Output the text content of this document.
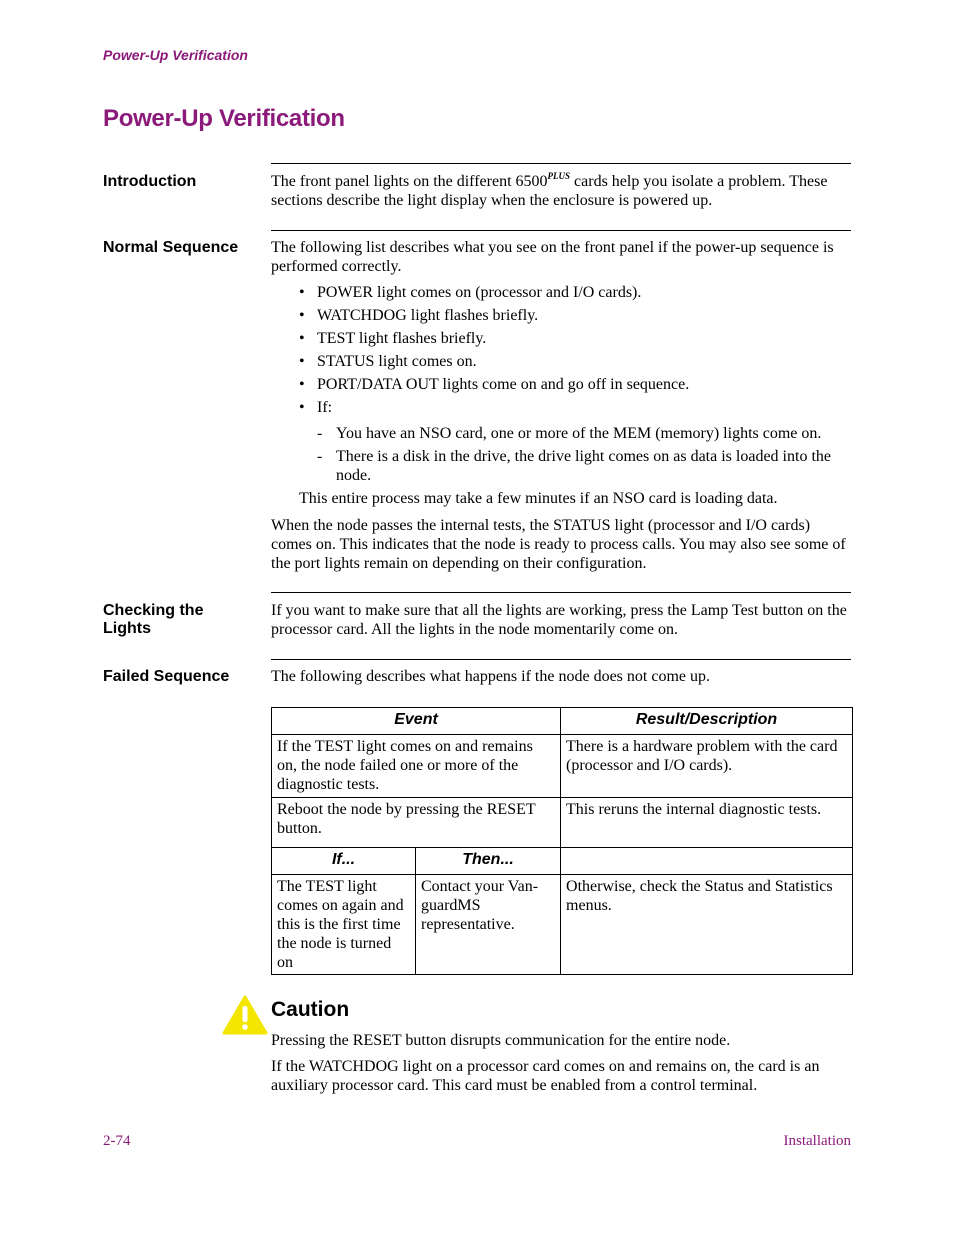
Power-Up Verification
Power-Up Verification
Introduction	The front panel lights on the different $6500^{PLUS}$ cards help you isolate a problem. These sections describe the light display when the enclosure is powered up.

Normal Sequence	The following list describes what you see on the front panel if the power-up sequence is performed correctly.

• POWER light comes on (processor and I/O cards).
• WATCHDOG light flashes briefly.
• TEST light flashes briefly.
• STATUS light comes on.
• PORT/DATA OUT lights come on and go off in sequence.
• If:
- You have an NSO card, one or more of the MEM (memory) lights come on.
- There is a disk in the drive, the drive light comes on as data is loaded into the node.

This entire process may take a few minutes if an NSO card is loading data.

When the node passes the internal tests, the STATUS light (processor and I/O cards) comes on. This indicates that the node is ready to process calls. You may also see some of the port lights remain on depending on their configuration.

Checking the Lights

If you want to make sure that all the lights are working, press the Lamp Test button on the processor card. All the lights in the node momentarily come on.

Failed Sequence	The following describes what happens if the node does not come up.

Event		Result/Description
If the TEST light comes on and remains on, the node failed one or more of the diagnostic tests.		There is a hardware problem with the card (processor and I/O cards).
Reboot the node by pressing the RESET button.		This reruns the internal diagnostic tests.
If...	Then...	
The TEST light comes on again and this is the first time the node is turned on	Contact your Van-guardMS representative.	Otherwise, check the Status and Statistics menus.
Caution

Pressing the RESET button disrupts communication for the entire node.

If the WATCHDOG light on a processor card comes on and remains on, the card is an auxiliary processor card. This card must be enabled from a control terminal.

2-74	Installation
